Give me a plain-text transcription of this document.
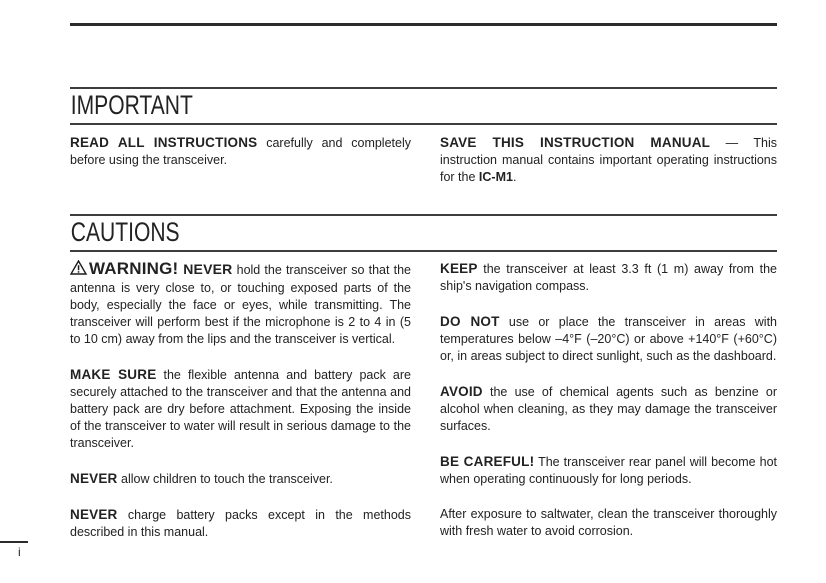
IMPORTANT

READ ALL INSTRUCTIONS carefully and completely before using the transceiver.

SAVE THIS INSTRUCTION MANUAL — This instruction manual contains important operating instructions for the IC-M1.

CAUTIONS

WARNING! NEVER hold the transceiver so that the antenna is very close to, or touching exposed parts of the body, especially the face or eyes, while transmitting. The transceiver will perform best if the microphone is 2 to 4 in (5 to 10 cm) away from the lips and the transceiver is vertical.

MAKE SURE the flexible antenna and battery pack are securely attached to the transceiver and that the antenna and battery pack are dry before attachment. Exposing the inside of the transceiver to water will result in serious damage to the transceiver.

NEVER allow children to touch the transceiver.

NEVER charge battery packs except in the methods described in this manual.

KEEP the transceiver at least 3.3 ft (1 m) away from the ship's navigation compass.

DO NOT use or place the transceiver in areas with temperatures below –4°F (–20°C) or above +140°F (+60°C) or, in areas subject to direct sunlight, such as the dashboard.

AVOID the use of chemical agents such as benzine or alcohol when cleaning, as they may damage the transceiver surfaces.

BE CAREFUL! The transceiver rear panel will become hot when operating continuously for long periods.

After exposure to saltwater, clean the transceiver thoroughly with fresh water to avoid corrosion.

i
